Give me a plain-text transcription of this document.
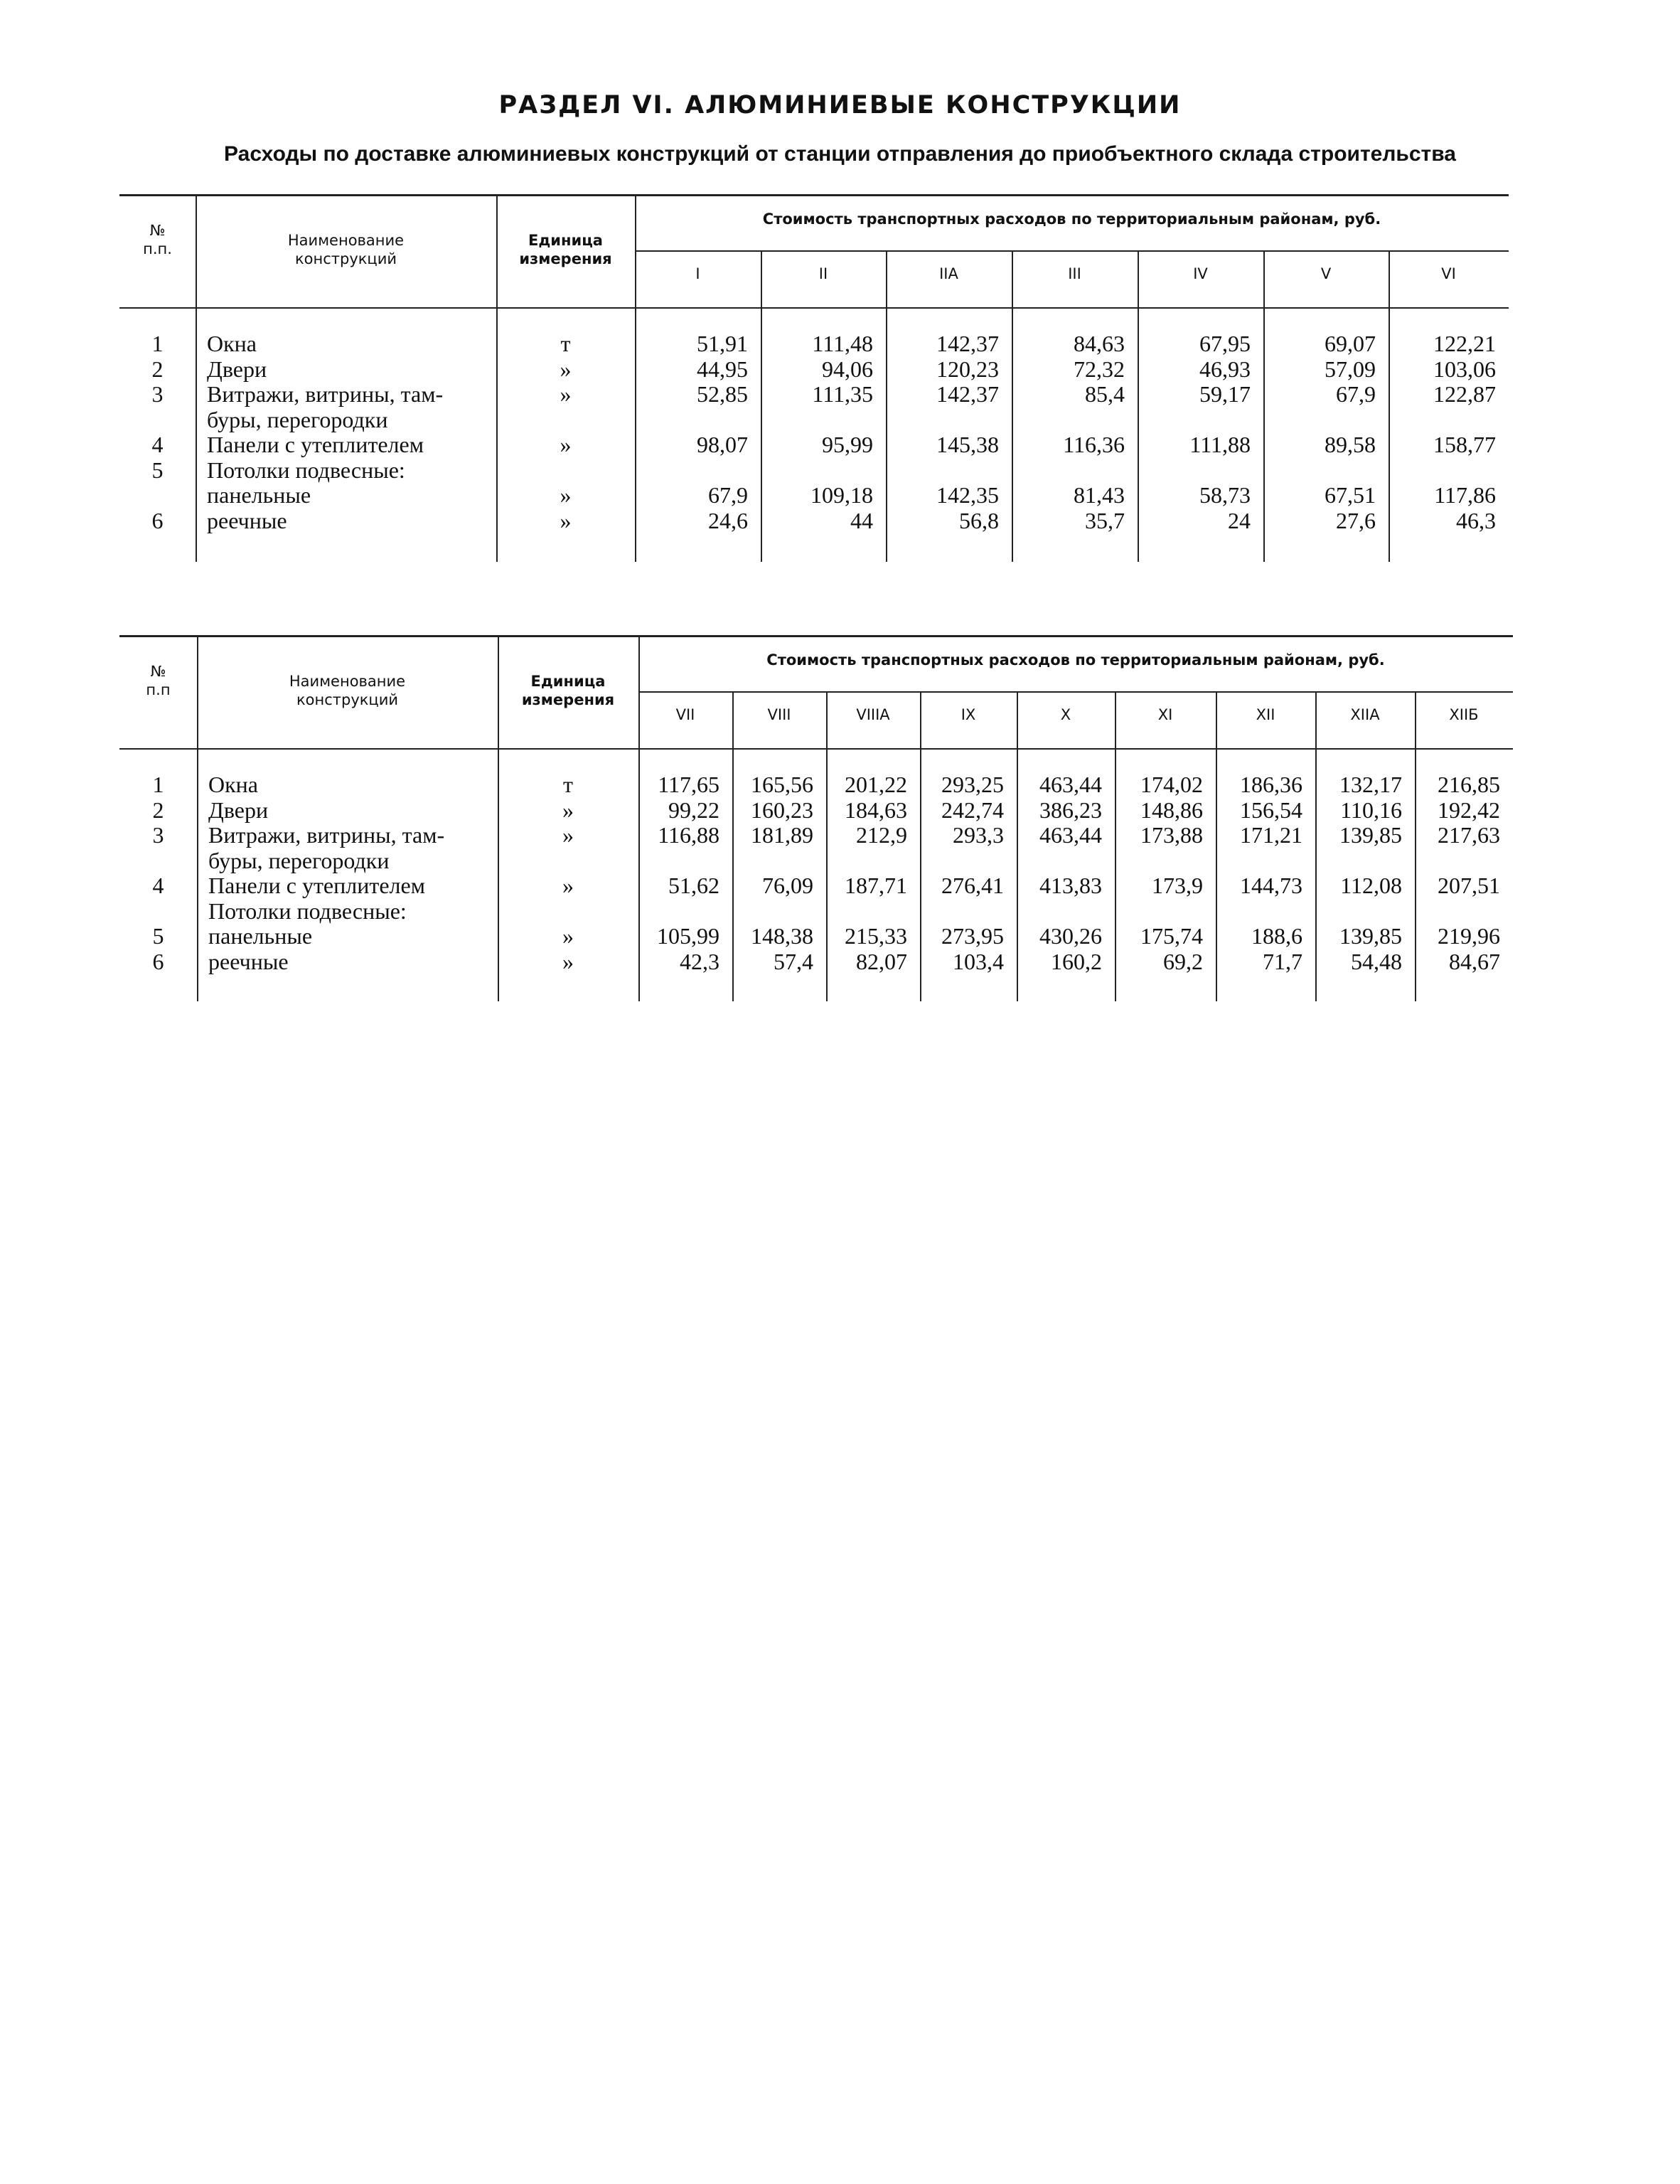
РАЗДЕЛ VI. АЛЮМИНИЕВЫЕ КОНСТРУКЦИИ
Расходы по доставке алюминиевых конструкций от станции отправления до приобъектного склада строительства
№
п.п.	Наименование
конструкций
Единица
измерения
Стоимость транспортных расходов по территориальным районам, руб.
I	II	IIA	III	IV	V	VI
1	Окна	т	51,91	111,48	142,37	84,63	67,95	69,07	122,21
2	Двери	»	44,95	94,06	120,23	72,32	46,93	57,09	103,06
3	Витражи, витрины, там-	»	52,85	111,35	142,37	85,4	59,17	67,9	122,87
буры, перегородки
4	Панели с утеплителем	»	98,07	95,99	145,38	116,36	111,88	89,58	158,77
5	Потолки подвесные:
панельные	»	67,9	109,18	142,35	81,43	58,73	67,51	117,86
6	реечные	»	24,6	44	56,8	35,7	24	27,6	46,3
№
п.п	Наименование
конструкций
Единица
измерения
Стоимость транспортных расходов по территориальным районам, руб.
VII	VIII	VIIIA	IX	X	XI	XII	XIIA	XIIБ
1	Окна	т	117,65	165,56	201,22	293,25	463,44	174,02	186,36	132,17	216,85
2	Двери	»	99,22	160,23	184,63	242,74	386,23	148,86	156,54	110,16	192,42
3	Витражи, витрины, там-	»	116,88	181,89	212,9	293,3	463,44	173,88	171,21	139,85	217,63
буры, перегородки
4	Панели с утеплителем	»	51,62	76,09	187,71	276,41	413,83	173,9	144,73	112,08	207,51
Потолки подвесные:
5	панельные	»	105,99	148,38	215,33	273,95	430,26	175,74	188,6	139,85	219,96
6	реечные	»	42,3	57,4	82,07	103,4	160,2	69,2	71,7	54,48	84,67
